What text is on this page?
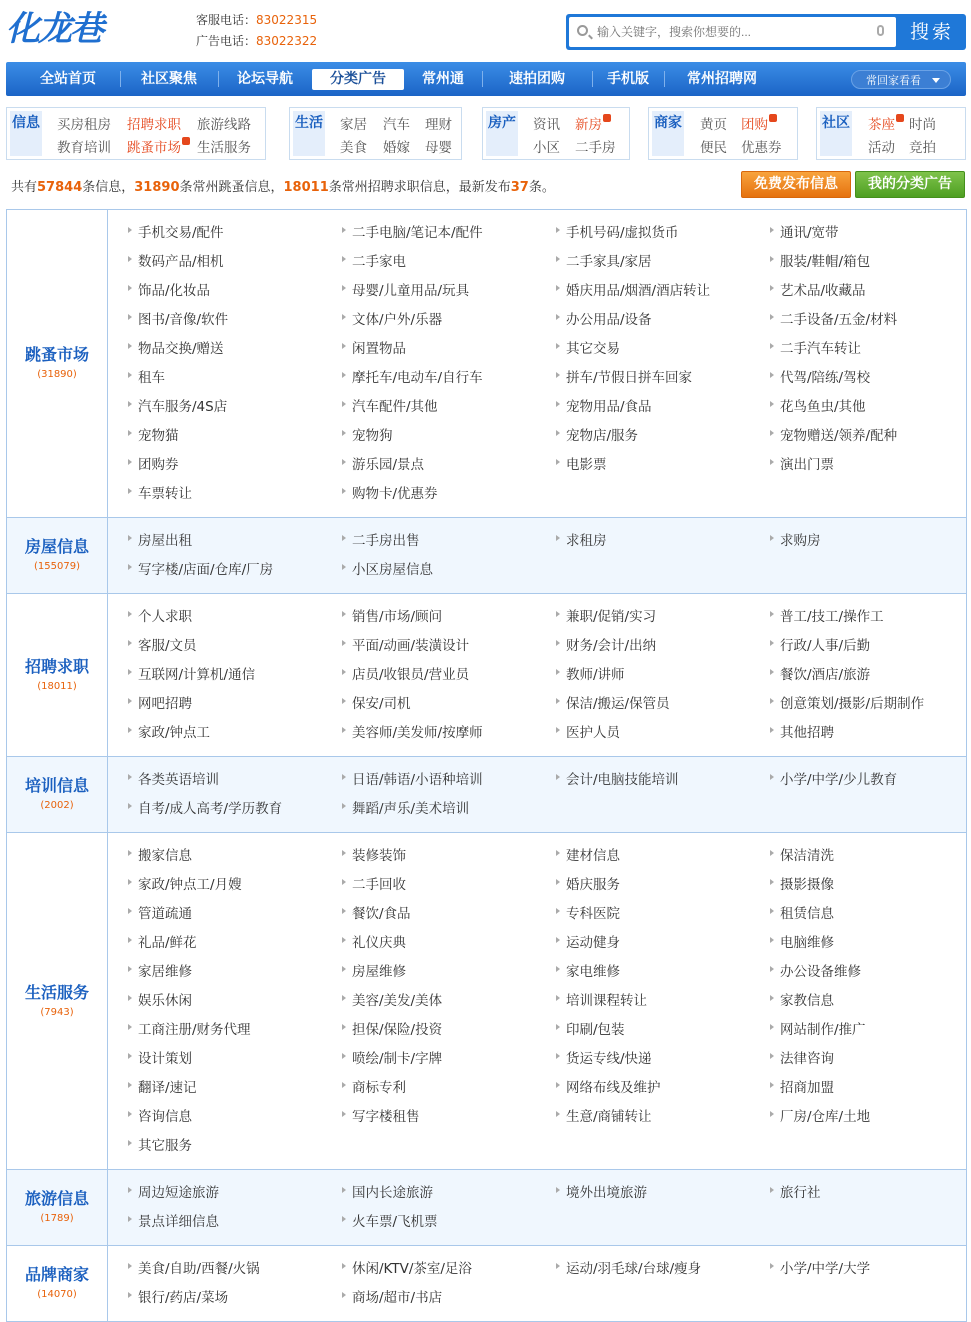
化龙巷	客服电话：83022315
广告电话：83022322
输入关键字，搜索你想要的...	搜索
全站首页	社区聚焦	论坛导航	分类广告	常州通	速拍团购	手机版	常州招聘网	常回家看看
信息 买房租房 招聘求职 旅游线路
教育培训 跳蚤市场	生活服务
生活 家居 汽车 理财
美食 婚嫁 母婴
房产 资讯 新房
小区 二手房
商家 黄页 团购
便民 优惠券
社区 茶座	时尚
活动 竞拍
共有57844条信息，31890条常州跳蚤信息，18011条常州招聘求职信息，最新发布37条。	免费发布信息	我的分类广告
跳蚤市场
(31890)
手机交易/配件	二手电脑/笔记本/配件	手机号码/虚拟货币	通讯/宽带
数码产品/相机	二手家电	二手家具/家居	服装/鞋帽/箱包
饰品/化妆品	母婴/儿童用品/玩具	婚庆用品/烟酒/酒店转让	艺术品/收藏品
图书/音像/软件	文体/户外/乐器	办公用品/设备	二手设备/五金/材料
物品交换/赠送	闲置物品	其它交易	二手汽车转让
租车	摩托车/电动车/自行车	拼车/节假日拼车回家	代驾/陪练/驾校
汽车服务/4S店	汽车配件/其他	宠物用品/食品	花鸟鱼虫/其他
宠物猫	宠物狗	宠物店/服务	宠物赠送/领养/配种
团购券	游乐园/景点	电影票	演出门票
车票转让	购物卡/优惠券
房屋信息
(155079)
房屋出租	二手房出售	求租房	求购房
写字楼/店面/仓库/厂房	小区房屋信息
招聘求职
(18011)
个人求职	销售/市场/顾问	兼职/促销/实习	普工/技工/操作工
客服/文员	平面/动画/装潢设计	财务/会计/出纳	行政/人事/后勤
互联网/计算机/通信	店员/收银员/营业员	教师/讲师	餐饮/酒店/旅游
网吧招聘	保安/司机	保洁/搬运/保管员	创意策划/摄影/后期制作
家政/钟点工	美容师/美发师/按摩师	医护人员	其他招聘
培训信息
(2002)
各类英语培训	日语/韩语/小语种培训	会计/电脑技能培训	小学/中学/少儿教育
自考/成人高考/学历教育	舞蹈/声乐/美术培训
生活服务
(7943)
搬家信息	装修装饰	建材信息	保洁清洗
家政/钟点工/月嫂	二手回收	婚庆服务	摄影摄像
管道疏通	餐饮/食品	专科医院	租赁信息
礼品/鲜花	礼仪庆典	运动健身	电脑维修
家居维修	房屋维修	家电维修	办公设备维修
娱乐休闲	美容/美发/美体	培训课程转让	家教信息
工商注册/财务代理	担保/保险/投资	印刷/包装	网站制作/推广
设计策划	喷绘/制卡/字牌	货运专线/快递	法律咨询
翻译/速记	商标专利	网络布线及维护	招商加盟
咨询信息	写字楼租售	生意/商铺转让	厂房/仓库/土地
其它服务
旅游信息
(1789)
周边短途旅游	国内长途旅游	境外出境旅游	旅行社
景点详细信息	火车票/飞机票
品牌商家
(14070)
美食/自助/西餐/火锅	休闲/KTV/茶室/足浴	运动/羽毛球/台球/瘦身	小学/中学/大学
银行/药店/菜场	商场/超市/书店
